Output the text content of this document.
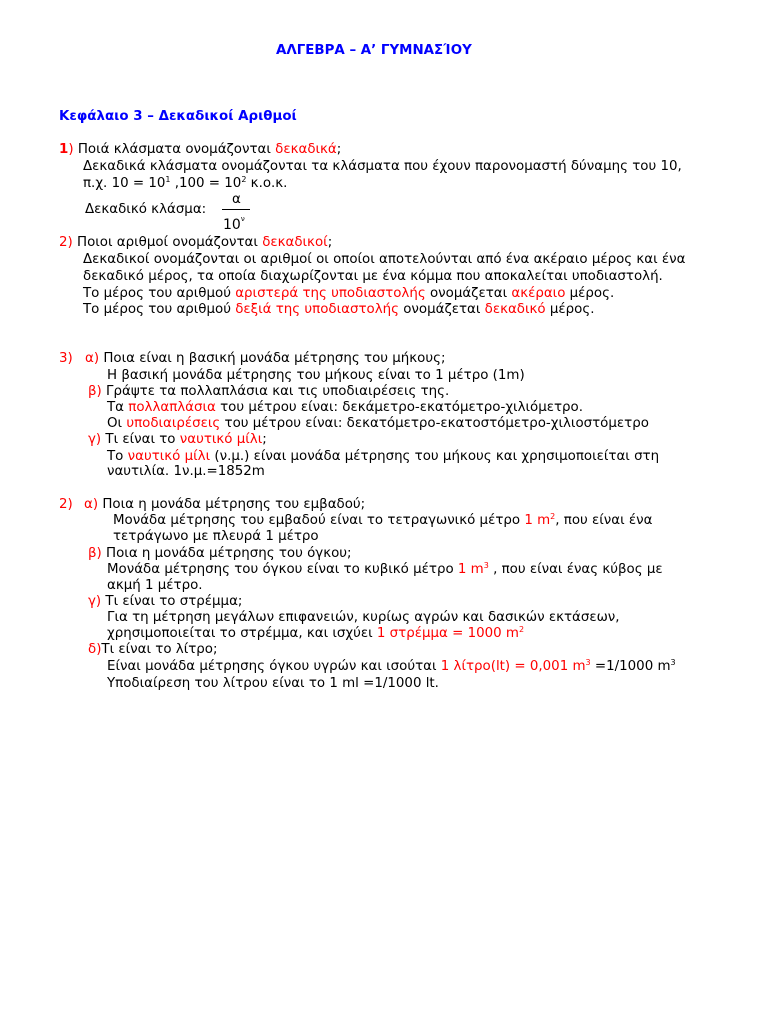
ΑΛΓΕΒΡΑ – Α’ ΓΥΜΝΑΣΊΟΥ
Κεφάλαιο 3 – Δεκαδικοί Αριθμοί
1) Ποιά κλάσματα ονομάζονται δεκαδικά;
Δεκαδικά κλάσματα ονομάζονται τα κλάσματα που έχουν παρονομαστή δύναμης του 10,
π.χ. $10 = 10^1$ $,100 = 10^2$ κ.ο.κ.
Δεκαδικό κλάσμα:
α
$10^\nu$
2) Ποιοι αριθμοί ονομάζονται δεκαδικοί;
Δεκαδικοί ονομάζονται οι αριθμοί οι οποίοι αποτελούνται από ένα ακέραιο μέρος και ένα
δεκαδικό μέρος, τα οποία διαχωρίζονται με ένα κόμμα που αποκαλείται υποδιαστολή.
Το μέρος του αριθμού αριστερά της υποδιαστολής ονομάζεται ακέραιο μέρος.
Το μέρος του αριθμού δεξιά της υποδιαστολής ονομάζεται δεκαδικό μέρος.
3) α) Ποια είναι η βασική μονάδα μέτρησης του μήκους;
Η βασική μονάδα μέτρησης του μήκους είναι το 1 μέτρο (1m)
β) Γράψτε τα πολλαπλάσια και τις υποδιαιρέσεις της.
Τα πολλαπλάσια του μέτρου είναι: δεκάμετρο-εκατόμετρο-χιλιόμετρο.
Οι υποδιαιρέσεις του μέτρου είναι: δεκατόμετρο-εκατοστόμετρο-χιλιοστόμετρο
γ) Τι είναι το ναυτικό μίλι;
Το ναυτικό μίλι (ν.μ.) είναι μονάδα μέτρησης του μήκους και χρησιμοποιείται στη
ναυτιλία. 1ν.μ.=1852m
2) α) Ποια η μονάδα μέτρησης του εμβαδού;
Μονάδα μέτρησης του εμβαδού είναι το τετραγωνικό μέτρο 1 $m^2$, που είναι ένα
τετράγωνο με πλευρά 1 μέτρο
β) Ποια η μονάδα μέτρησης του όγκου;
Μονάδα μέτρησης του όγκου είναι το κυβικό μέτρο 1 $m^3$ , που είναι ένας κύβος με
ακμή 1 μέτρο.
γ) Τι είναι το στρέμμα;
Για τη μέτρηση μεγάλων επιφανειών, κυρίως αγρών και δασικών εκτάσεων,
χρησιμοποιείται το στρέμμα, και ισχύει 1 στρέμμα = 1000 $m^2$
δ)Τι είναι το λίτρο;
Είναι μονάδα μέτρησης όγκου υγρών και ισούται 1 λίτρο(lt) = 0,001 $m^3 =1/1000$ $m^3$
Υποδιαίρεση του λίτρου είναι το 1 ml =1/1000 lt.
